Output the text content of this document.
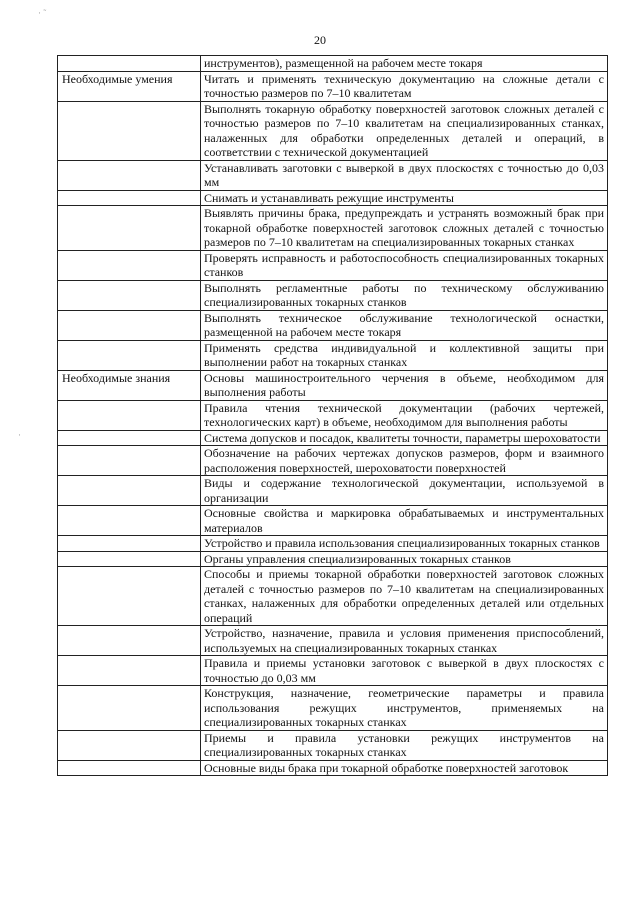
· ˜
·
20
	инструментов), размещенной на рабочем месте токаря
Необходимые умения	Читать и применять техническую документацию на сложные детали с точностью размеров по 7–10 квалитетам
	Выполнять токарную обработку поверхностей заготовок сложных деталей с точностью размеров по 7–10 квалитетам на специализированных станках, налаженных для обработки определенных деталей и операций, в соответствии с технической документацией
	Устанавливать заготовки с выверкой в двух плоскостях с точностью до 0,03 мм
	Снимать и устанавливать режущие инструменты
	Выявлять причины брака, предупреждать и устранять возможный брак при токарной обработке поверхностей заготовок сложных деталей с точностью размеров по 7–10 квалитетам на специализированных токарных станках
	Проверять исправность и работоспособность специализированных токарных станков
	Выполнять регламентные работы по техническому обслуживанию специализированных токарных станков
	Выполнять техническое обслуживание технологической оснастки, размещенной на рабочем месте токаря
	Применять средства индивидуальной и коллективной защиты при выполнении работ на токарных станках
Необходимые знания	Основы машиностроительного черчения в объеме, необходимом для выполнения работы
	Правила чтения технической документации (рабочих чертежей, технологических карт) в объеме, необходимом для выполнения работы
	Система допусков и посадок, квалитеты точности, параметры шероховатости
	Обозначение на рабочих чертежах допусков размеров, форм и взаимного расположения поверхностей, шероховатости поверхностей
	Виды и содержание технологической документации, используемой в организации
	Основные свойства и маркировка обрабатываемых и инструментальных материалов
	Устройство и правила использования специализированных токарных станков
	Органы управления специализированных токарных станков
	Способы и приемы токарной обработки поверхностей заготовок сложных деталей с точностью размеров по 7–10 квалитетам на специализированных станках, налаженных для обработки определенных деталей или отдельных операций
	Устройство, назначение, правила и условия применения приспособлений, используемых на специализированных токарных станках
	Правила и приемы установки заготовок с выверкой в двух плоскостях с точностью до 0,03 мм
	Конструкция, назначение, геометрические параметры и правила использования режущих инструментов, применяемых на специализированных токарных станках
	Приемы и правила установки режущих инструментов на специализированных токарных станках
	Основные виды брака при токарной обработке поверхностей заготовок
